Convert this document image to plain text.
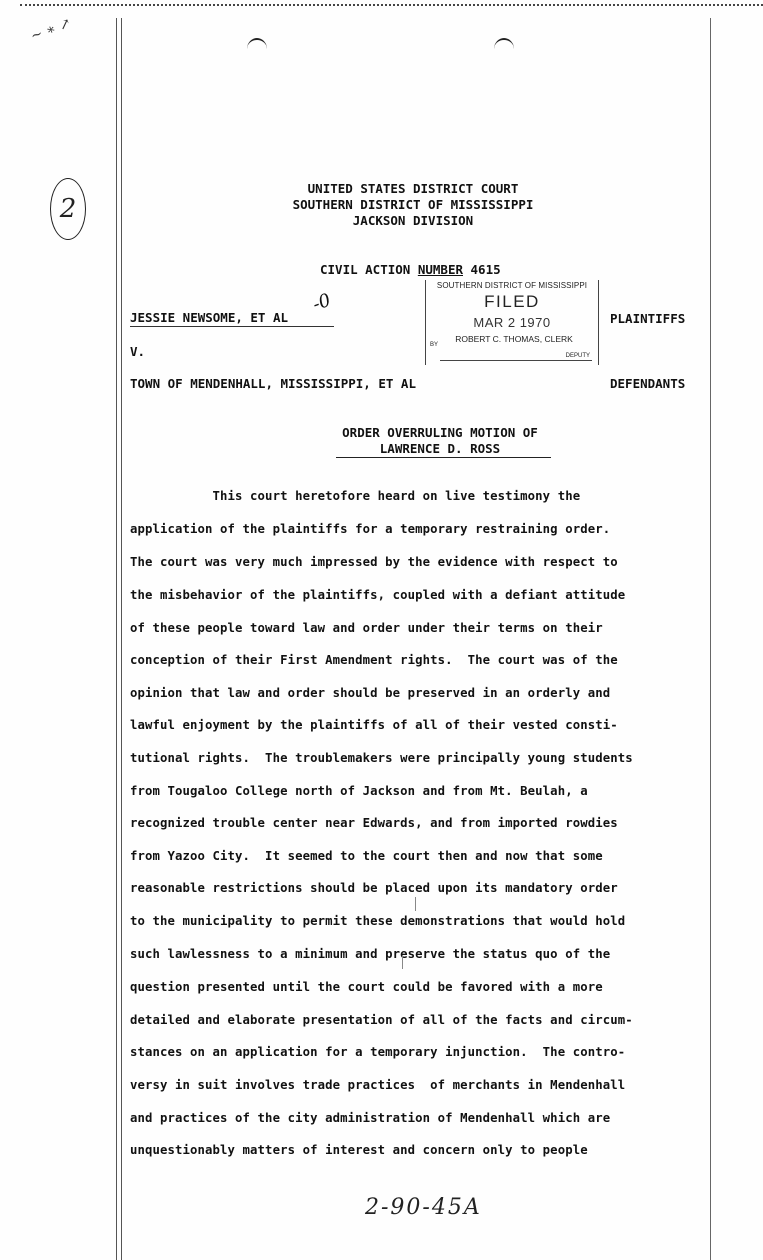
~ ∗ ↗
2
UNITED STATES DISTRICT COURT
SOUTHERN DISTRICT OF MISSISSIPPI
JACKSON DIVISION
CIVIL ACTION NUMBER 4615
SOUTHERN DISTRICT OF MISSISSIPPI
FILED
MAR 2 1970
ROBERT C. THOMAS, CLERK
BY
DEPUTY
JESSIE NEWSOME, ET AL
-0
PLAINTIFFS
V.
TOWN OF MENDENHALL, MISSISSIPPI, ET AL	DEFENDANTS
ORDER OVERRULING MOTION OF
LAWRENCE D. ROSS
This court heretofore heard on live testimony the
application of the plaintiffs for a temporary restraining order.
The court was very much impressed by the evidence with respect to
the misbehavior of the plaintiffs, coupled with a defiant attitude
of these people toward law and order under their terms on their
conception of their First Amendment rights.  The court was of the
opinion that law and order should be preserved in an orderly and
lawful enjoyment by the plaintiffs of all of their vested consti-
tutional rights.  The troublemakers were principally young students
from Tougaloo College north of Jackson and from Mt. Beulah, a
recognized trouble center near Edwards, and from imported rowdies
from Yazoo City.  It seemed to the court then and now that some
reasonable restrictions should be placed upon its mandatory order
to the municipality to permit these demonstrations that would hold
such lawlessness to a minimum and preserve the status quo of the
question presented until the court could be favored with a more
detailed and elaborate presentation of all of the facts and circum-
stances on an application for a temporary injunction.  The contro-
versy in suit involves trade practices  of merchants in Mendenhall
and practices of the city administration of Mendenhall which are
unquestionably matters of interest and concern only to people
2-90-45A
